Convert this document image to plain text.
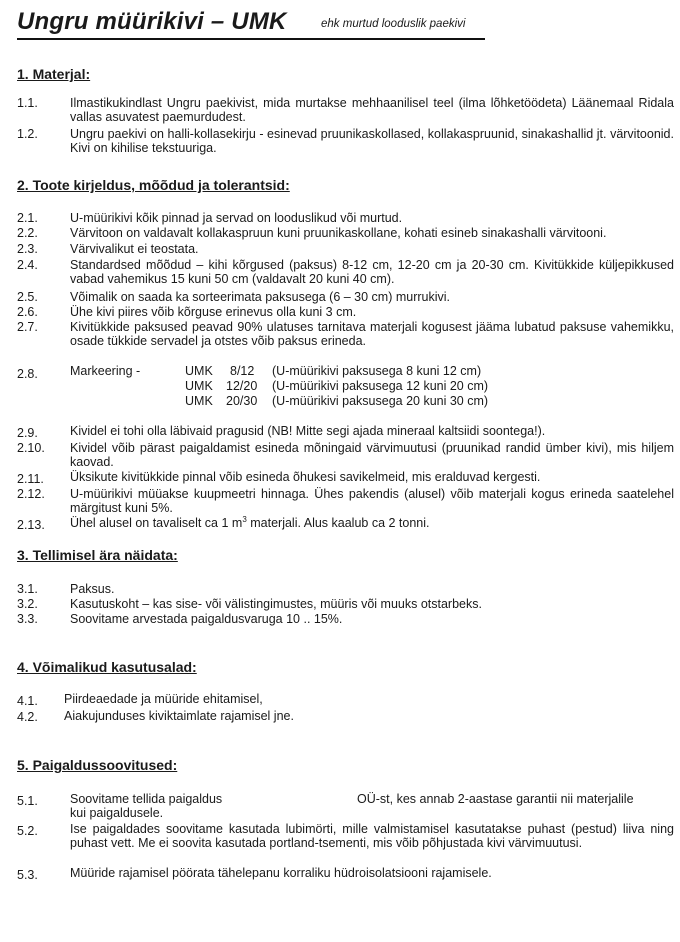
Ungru müürikivi – UMK	ehk murtud looduslik paekivi
1. Materjal:
1.1.	Ilmastikukindlast Ungru paekivist, mida murtakse mehhaanilisel teel (ilma lõhketöödeta) Läänemaal Ridala vallas asuvatest paemurdudest.
1.2.	Ungru paekivi on halli-kollasekirju - esinevad pruunikaskollased, kollakaspruunid, sinakashallid jt. värvitoonid. Kivi on kihilise tekstuuriga.
2. Toote kirjeldus, mõõdud ja tolerantsid:
2.1.	U-müürikivi kõik pinnad ja servad on looduslikud või murtud.
2.2.	Värvitoon on valdavalt kollakaspruun kuni pruunikaskollane, kohati esineb sinakashalli värvitooni.
2.3.	Värvivalikut ei teostata.
2.4.	Standardsed mõõdud – kihi kõrgused (paksus) 8-12 cm, 12-20 cm ja 20-30 cm. Kivitükkide küljepikkused vabad vahemikus 15 kuni 50 cm (valdavalt 20 kuni 40 cm).
2.5.	Võimalik on saada ka sorteerimata paksusega (6 – 30 cm) murrukivi.
2.6.	Ühe kivi piires võib kõrguse erinevus olla kuni 3 cm.
2.7.	Kivitükkide paksused peavad 90% ulatuses tarnitava materjali kogusest jääma lubatud paksuse vahemikku, osade tükkide servadel ja otstes võib paksus erineda.
2.8.	Markeering -	UMK 8/12 (U-müürikivi paksusega 8 kuni 12 cm)
UMK 12/20 (U-müürikivi paksusega 12 kuni 20 cm)
UMK 20/30 (U-müürikivi paksusega 20 kuni 30 cm)
2.9.	Kividel ei tohi olla läbivaid pragusid (NB! Mitte segi ajada mineraal kaltsiidi soontega!).
2.10. Kividel võib pärast paigaldamist esineda mõningaid värvimuutusi (pruunikad randid ümber kivi), mis hiljem kaovad.
2.11. Üksikute kivitükkide pinnal võib esineda õhukesi savikelmeid, mis eralduvad kergesti.
2.12. U-müürikivi müüakse kuupmeetri hinnaga. Ühes pakendis (alusel) võib materjali kogus erineda saatelehel märgitust kuni 5%.
2.13. Ühel alusel on tavaliselt ca 1 $m^3$ materjali. Alus kaalub ca 2 tonni.
3. Tellimisel ära näidata:
3.1.	Paksus.
3.2.	Kasutuskoht – kas sise- või välistingimustes, müüris või muuks otstarbeks.
3.3.	Soovitame arvestada paigaldusvaruga 10 .. 15%.
4. Võimalikud kasutusalad:
4.1. Piirdeaedade ja müüride ehitamisel,
4.2. Aiakujunduses kiviktaimlate rajamisel jne.
5. Paigaldussoovitused:
5.1.	Soovitame tellida paigaldus	OÜ-st, kes annab 2-aastase garantii nii materjalile
kui paigaldusele.
5.2.	Ise paigaldades soovitame kasutada lubimörti, mille valmistamisel kasutatakse puhast (pestud) liiva ning puhast vett. Me ei soovita kasutada portland-tsementi, mis võib põhjustada kivi värvimuutusi.
5.3.	Müüride rajamisel pöörata tähelepanu korraliku hüdroisolatsiooni rajamisele.
